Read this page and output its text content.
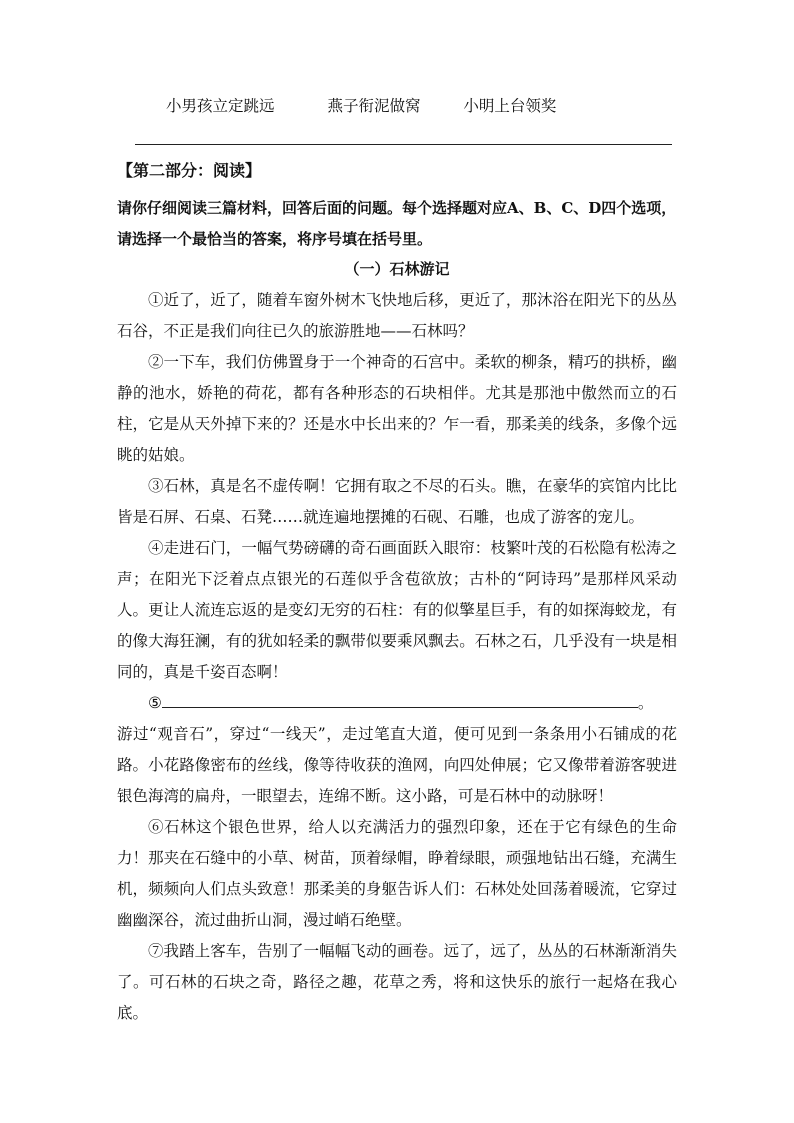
小男孩立定跳远	燕子衔泥做窝	小明上台领奖
【第二部分：阅读】
请你仔细阅读三篇材料，回答后面的问题。每个选择题对应A、B、C、D四个选项，请选择一个最恰当的答案，将序号填在括号里。
（一）石林游记

①近了，近了，随着车窗外树木飞快地后移，更近了，那沐浴在阳光下的丛丛石谷，不正是我们向往已久的旅游胜地——石林吗？

②一下车，我们仿佛置身于一个神奇的石宫中。柔软的柳条，精巧的拱桥，幽静的池水，娇艳的荷花，都有各种形态的石块相伴。尤其是那池中傲然而立的石柱，它是从天外掉下来的？还是水中长出来的？乍一看，那柔美的线条，多像个远眺的姑娘。

③石林，真是名不虚传啊！它拥有取之不尽的石头。瞧，在豪华的宾馆内比比皆是石屏、石桌、石凳……就连遍地摆摊的石砚、石雕，也成了游客的宠儿。

④走进石门，一幅气势磅礴的奇石画面跃入眼帘：枝繁叶茂的石松隐有松涛之声；在阳光下泛着点点银光的石莲似乎含苞欲放；古朴的“阿诗玛”是那样风采动人。更让人流连忘返的是变幻无穷的石柱：有的似擎星巨手，有的如探海蛟龙，有的像大海狂澜，有的犹如轻柔的飘带似要乘风飘去。石林之石，几乎没有一块是相同的，真是千姿百态啊！

⑤	。

游过“观音石”，穿过“一线天”，走过笔直大道，便可见到一条条用小石铺成的花路。小花路像密布的丝线，像等待收获的渔网，向四处伸展；它又像带着游客驶进银色海湾的扁舟，一眼望去，连绵不断。这小路，可是石林中的动脉呀！

⑥石林这个银色世界，给人以充满活力的强烈印象，还在于它有绿色的生命力！那夹在石缝中的小草、树苗，顶着绿帽，睁着绿眼，顽强地钻出石缝，充满生机，频频向人们点头致意！那柔美的身躯告诉人们：石林处处回荡着暖流，它穿过幽幽深谷，流过曲折山洞，漫过峭石绝壁。

⑦我踏上客车，告别了一幅幅飞动的画卷。远了，远了，丛丛的石林渐渐消失了。可石林的石块之奇，路径之趣，花草之秀，将和这快乐的旅行一起烙在我心底。
